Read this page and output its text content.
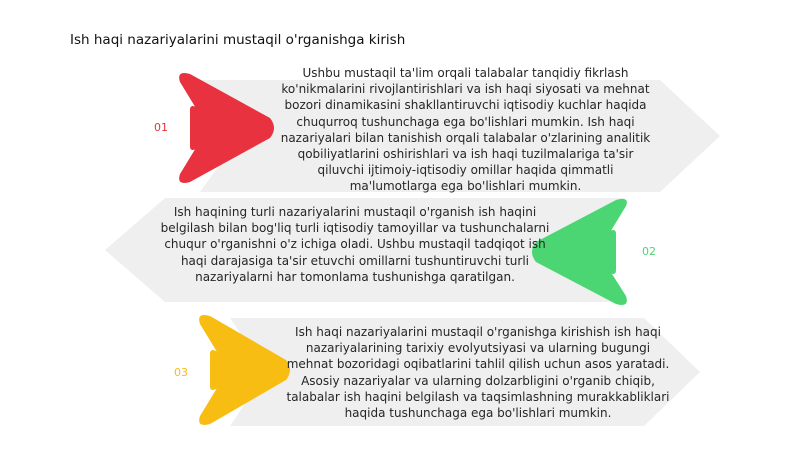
Ish haqi nazariyalarini mustaqil o'rganishga kirish
01
Ushbu mustaqil ta'lim orqali talabalar tanqidiy fikrlash ko'nikmalarini rivojlantirishlari va ish haqi siyosati va mehnat bozori dinamikasini shakllantiruvchi iqtisodiy kuchlar haqida chuqurroq tushunchaga ega bo'lishlari mumkin. Ish haqi nazariyalari bilan tanishish orqali talabalar o'zlarining analitik qobiliyatlarini oshirishlari va ish haqi tuzilmalariga ta'sir qiluvchi ijtimoiy-iqtisodiy omillar haqida qimmatli ma'lumotlarga ega bo'lishlari mumkin.
02
Ish haqining turli nazariyalarini mustaqil o'rganish ish haqini belgilash bilan bog'liq turli iqtisodiy tamoyillar va tushunchalarni chuqur o'rganishni o'z ichiga oladi. Ushbu mustaqil tadqiqot ish haqi darajasiga ta'sir etuvchi omillarni tushuntiruvchi turli nazariyalarni har tomonlama tushunishga qaratilgan.
03
Ish haqi nazariyalarini mustaqil o'rganishga kirishish ish haqi nazariyalarining tarixiy evolyutsiyasi va ularning bugungi mehnat bozoridagi oqibatlarini tahlil qilish uchun asos yaratadi. Asosiy nazariyalar va ularning dolzarbligini o'rganib chiqib, talabalar ish haqini belgilash va taqsimlashning murakkabliklari haqida tushunchaga ega bo'lishlari mumkin.
